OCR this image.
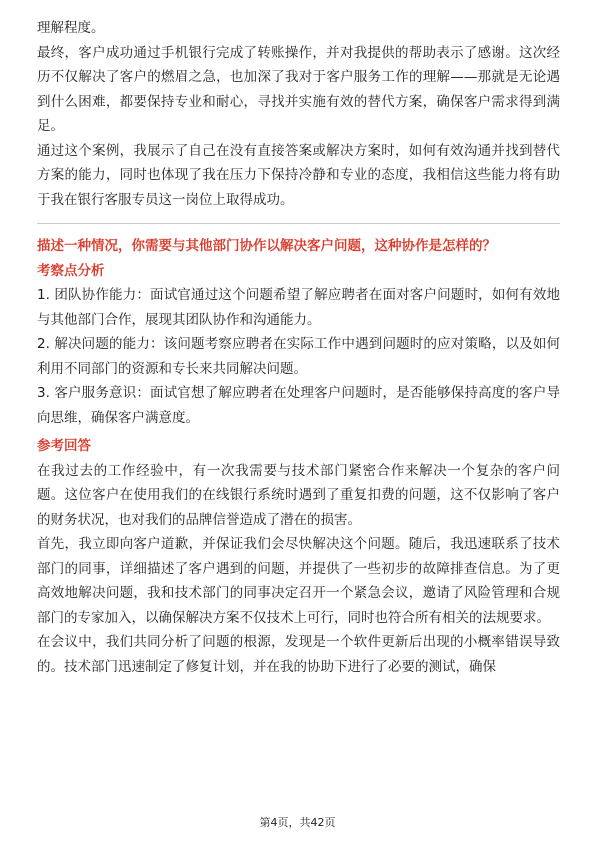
理解程度。

最终，客户成功通过手机银行完成了转账操作，并对我提供的帮助表示了感谢。这次经历不仅解决了客户的燃眉之急，也加深了我对于客户服务工作的理解——那就是无论遇到什么困难，都要保持专业和耐心，寻找并实施有效的替代方案，确保客户需求得到满足。

通过这个案例，我展示了自己在没有直接答案或解决方案时，如何有效沟通并找到替代方案的能力，同时也体现了我在压力下保持冷静和专业的态度，我相信这些能力将有助于我在银行客服专员这一岗位上取得成功。

描述一种情况，你需要与其他部门协作以解决客户问题，这种协作是怎样的？

考察点分析

1. 团队协作能力：面试官通过这个问题希望了解应聘者在面对客户问题时，如何有效地与其他部门合作，展现其团队协作和沟通能力。

2. 解决问题的能力：该问题考察应聘者在实际工作中遇到问题时的应对策略，以及如何利用不同部门的资源和专长来共同解决问题。

3. 客户服务意识：面试官想了解应聘者在处理客户问题时，是否能够保持高度的客户导向思维，确保客户满意度。

参考回答

在我过去的工作经验中，有一次我需要与技术部门紧密合作来解决一个复杂的客户问题。这位客户在使用我们的在线银行系统时遇到了重复扣费的问题，这不仅影响了客户的财务状况，也对我们的品牌信誉造成了潜在的损害。

首先，我立即向客户道歉，并保证我们会尽快解决这个问题。随后，我迅速联系了技术部门的同事，详细描述了客户遇到的问题，并提供了一些初步的故障排查信息。为了更高效地解决问题，我和技术部门的同事决定召开一个紧急会议，邀请了风险管理和合规部门的专家加入，以确保解决方案不仅技术上可行，同时也符合所有相关的法规要求。

在会议中，我们共同分析了问题的根源，发现是一个软件更新后出现的小概率错误导致的。技术部门迅速制定了修复计划，并在我的协助下进行了必要的测试，确保

第4页，共42页
